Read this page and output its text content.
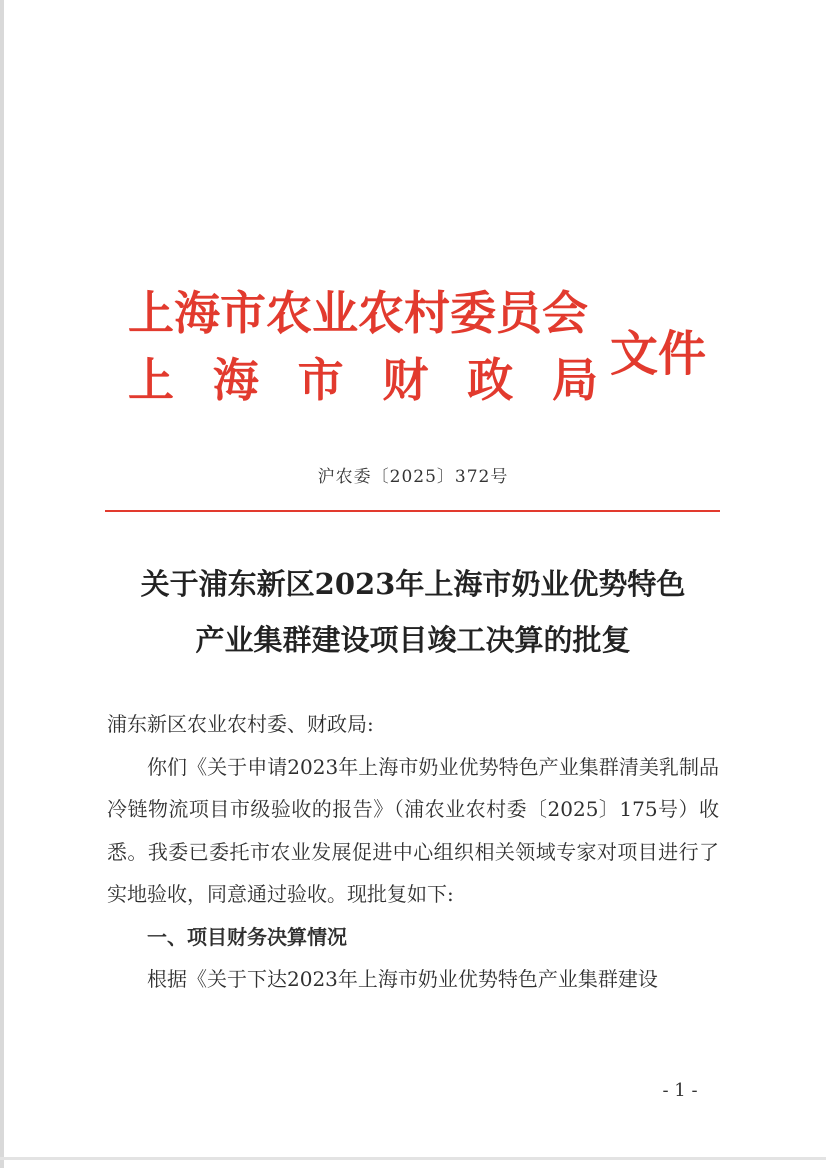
上海市农业农村委员会
上 海 市 财 政 局 文件
沪农委〔2025〕372号
关于浦东新区2023年上海市奶业优势特色
产业集群建设项目竣工决算的批复

浦东新区农业农村委、财政局:

你们《关于申请2023年上海市奶业优势特色产业集群清美乳制品冷链物流项目市级验收的报告》（浦农业农村委〔2025〕175号）收悉。我委已委托市农业发展促进中心组织相关领域专家对项目进行了实地验收，同意通过验收。现批复如下:

一、项目财务决算情况

根据《关于下达2023年上海市奶业优势特色产业集群建设

- 1 -
